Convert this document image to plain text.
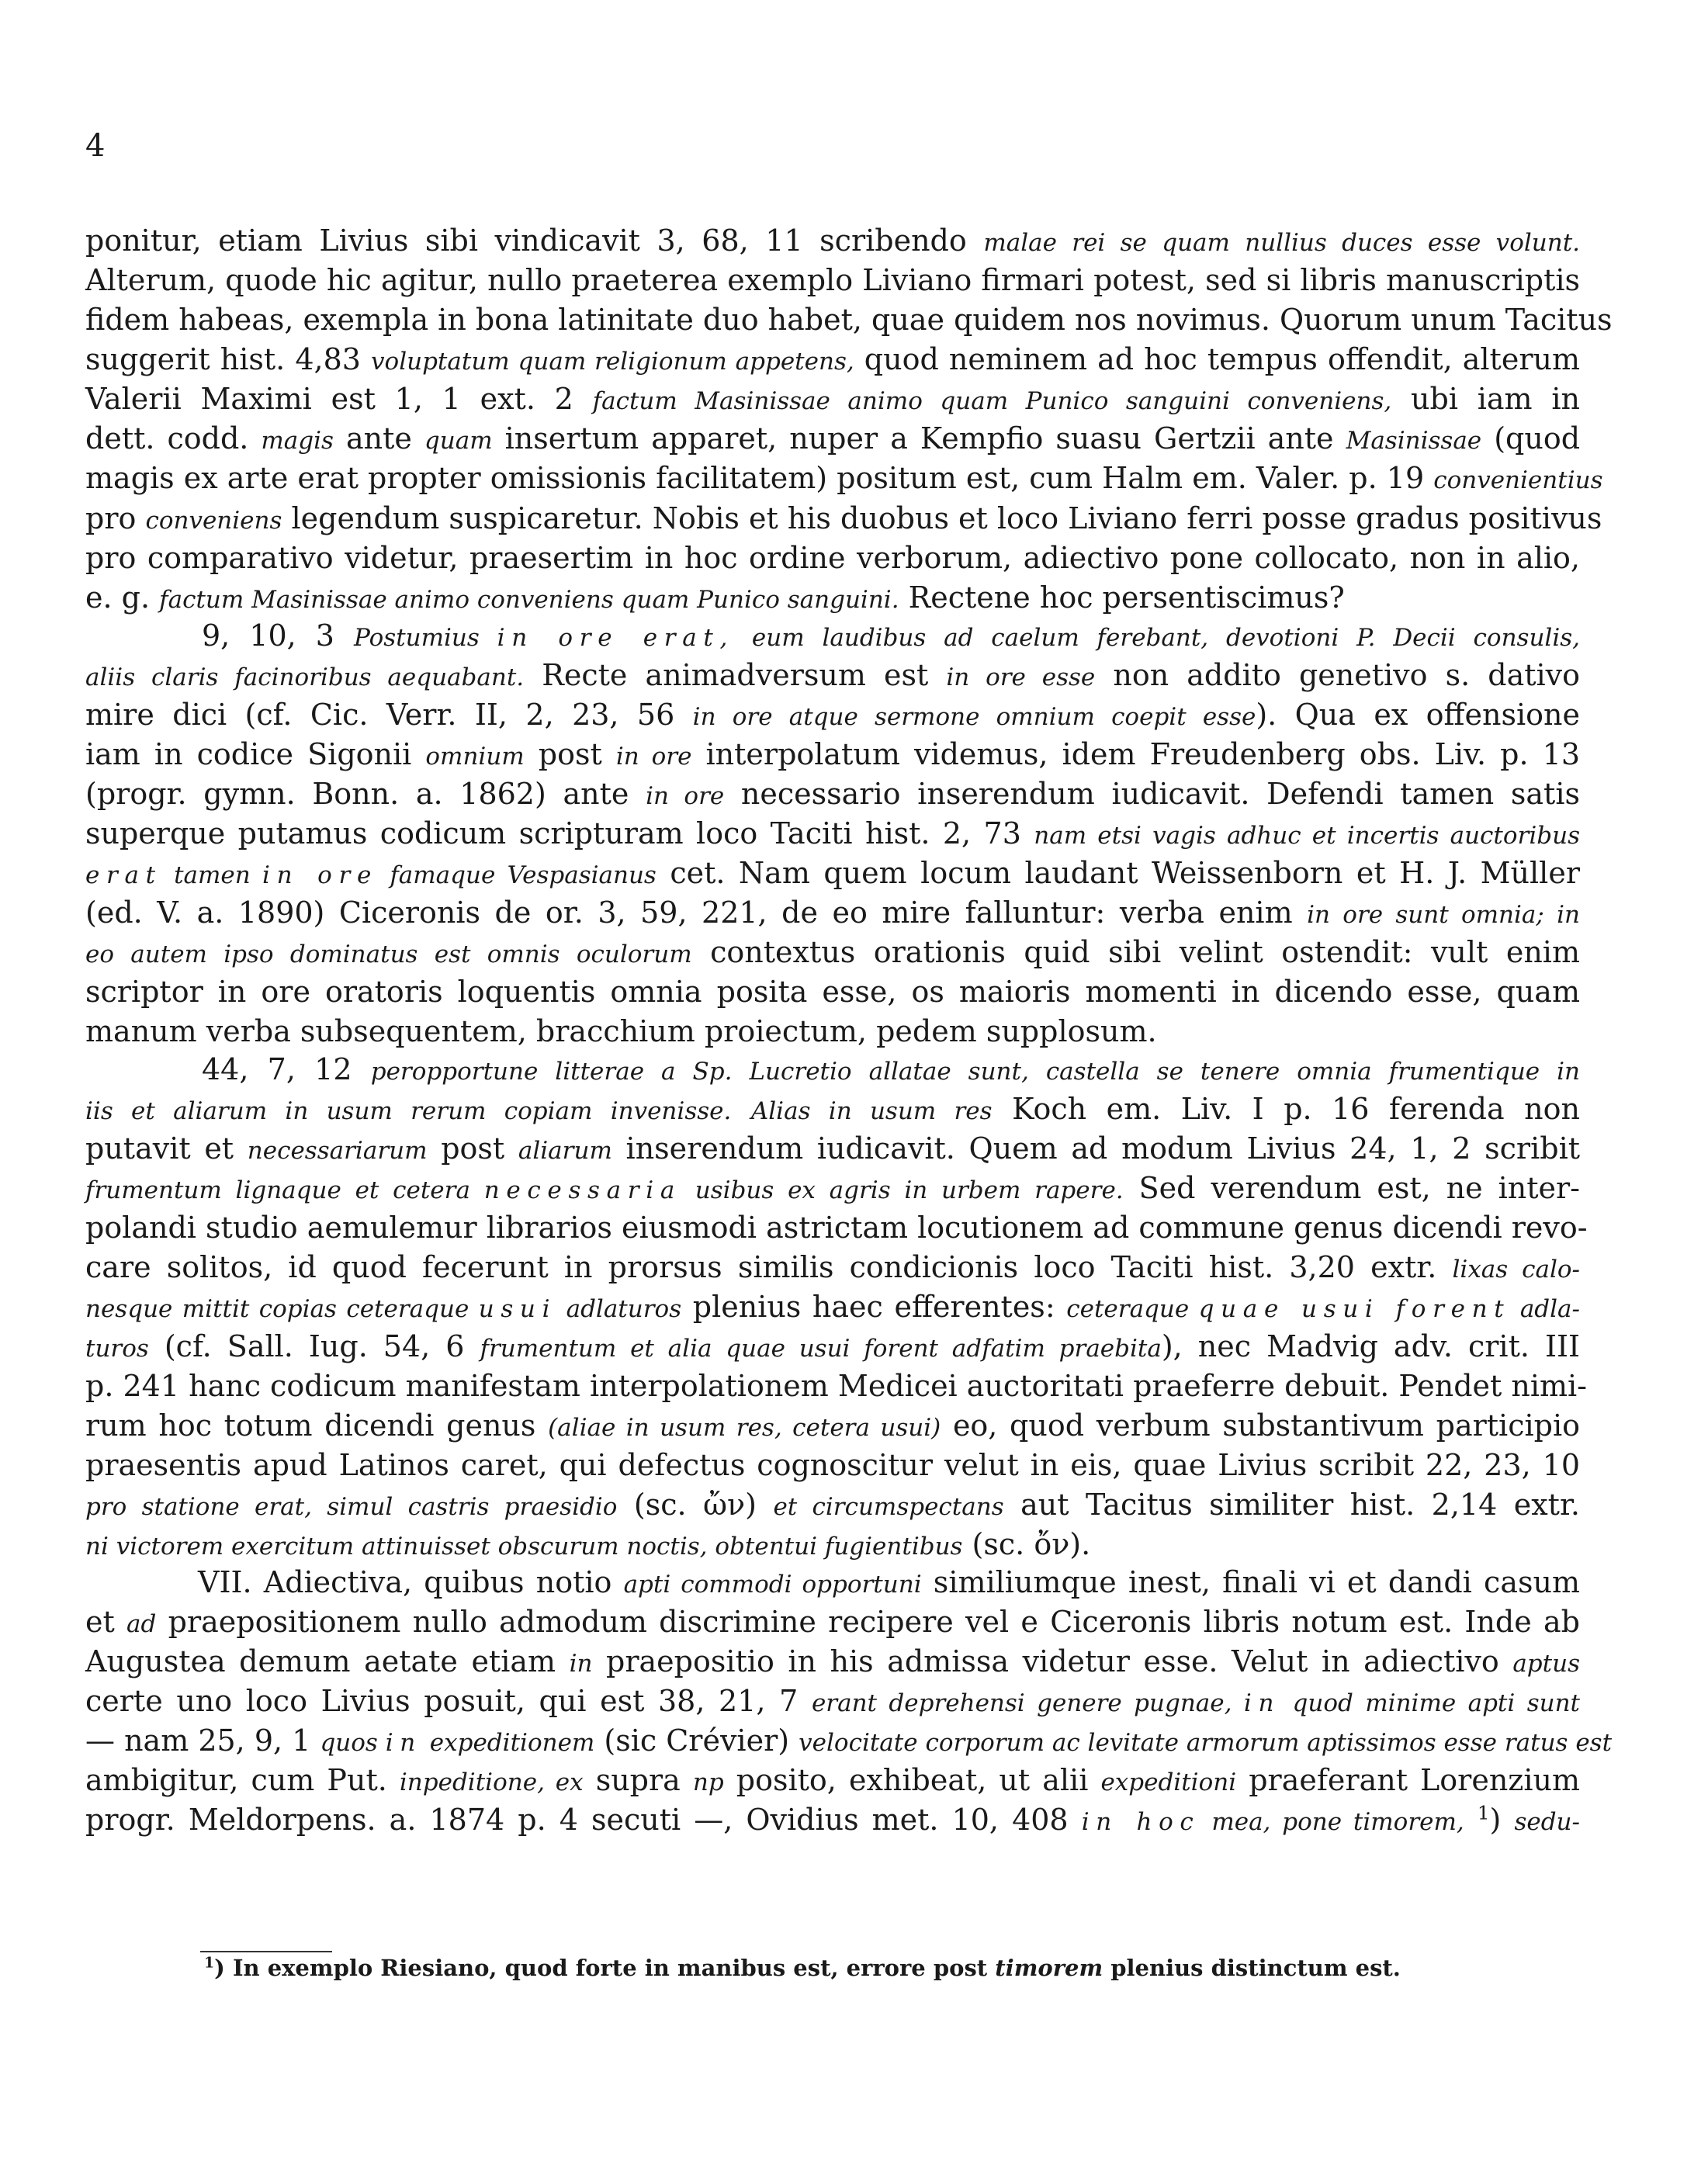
4
ponitur, etiam Livius sibi vindicavit 3, 68, 11 scribendo malae rei se quam nullius duces esse volunt.
Alterum, quode hic agitur, nullo praeterea exemplo Liviano firmari potest, sed si libris manuscriptis
fidem habeas, exempla in bona latinitate duo habet, quae quidem nos novimus. Quorum unum Tacitus
suggerit hist. 4,83 voluptatum quam religionum appetens, quod neminem ad hoc tempus offendit, alterum
Valerii Maximi est 1, 1 ext. 2 factum Masinissae animo quam Punico sanguini conveniens, ubi iam in
dett. codd. magis ante quam insertum apparet, nuper a Kempfio suasu Gertzii ante Masinissae (quod
magis ex arte erat propter omissionis facilitatem) positum est, cum Halm em. Valer. p. 19 convenientius
pro conveniens legendum suspicaretur. Nobis et his duobus et loco Liviano ferri posse gradus positivus
pro comparativo videtur, praesertim in hoc ordine verborum, adiectivo pone collocato, non in alio,
e. g. factum Masinissae animo conveniens quam Punico sanguini. Rectene hoc persentiscimus?
9, 10, 3 Postumius in ore erat, eum laudibus ad caelum ferebant, devotioni P. Decii consulis,
aliis claris facinoribus aequabant. Recte animadversum est in ore esse non addito genetivo s. dativo
mire dici (cf. Cic. Verr. II, 2, 23, 56 in ore atque sermone omnium coepit esse). Qua ex offensione
iam in codice Sigonii omnium post in ore interpolatum videmus, idem Freudenberg obs. Liv. p. 13
(progr. gymn. Bonn. a. 1862) ante in ore necessario inserendum iudicavit. Defendi tamen satis
superque putamus codicum scripturam loco Taciti hist. 2, 73 nam etsi vagis adhuc et incertis auctoribus
erat tamen in ore famaque Vespasianus cet. Nam quem locum laudant Weissenborn et H. J. Müller
(ed. V. a. 1890) Ciceronis de or. 3, 59, 221, de eo mire falluntur: verba enim in ore sunt omnia; in
eo autem ipso dominatus est omnis oculorum contextus orationis quid sibi velint ostendit: vult enim
scriptor in ore oratoris loquentis omnia posita esse, os maioris momenti in dicendo esse, quam
manum verba subsequentem, bracchium proiectum, pedem supplosum.
44, 7, 12 peropportune litterae a Sp. Lucretio allatae sunt, castella se tenere omnia frumentique in
iis et aliarum in usum rerum copiam invenisse. Alias in usum res Koch em. Liv. I p. 16 ferenda non
putavit et necessariarum post aliarum inserendum iudicavit. Quem ad modum Livius 24, 1, 2 scribit
frumentum lignaque et cetera necessaria usibus ex agris in urbem rapere. Sed verendum est, ne inter-
polandi studio aemulemur librarios eiusmodi astrictam locutionem ad commune genus dicendi revo-
care solitos, id quod fecerunt in prorsus similis condicionis loco Taciti hist. 3,20 extr. lixas calo-
nesque mittit copias ceteraque usui adlaturos plenius haec efferentes: ceteraque quae usui forent adla-
turos (cf. Sall. Iug. 54, 6 frumentum et alia quae usui forent adfatim praebita), nec Madvig adv. crit. III
p. 241 hanc codicum manifestam interpolationem Medicei auctoritati praeferre debuit. Pendet nimi-
rum hoc totum dicendi genus (aliae in usum res, cetera usui) eo, quod verbum substantivum participio
praesentis apud Latinos caret, qui defectus cognoscitur velut in eis, quae Livius scribit 22, 23, 10
pro statione erat, simul castris praesidio (sc. ὤν) et circumspectans aut Tacitus similiter hist. 2,14 extr.
ni victorem exercitum attinuisset obscurum noctis, obtentui fugientibus (sc. ὄν).
VII. Adiectiva, quibus notio apti commodi opportuni similiumque inest, finali vi et dandi casum
et ad praepositionem nullo admodum discrimine recipere vel e Ciceronis libris notum est. Inde ab
Augustea demum aetate etiam in praepositio in his admissa videtur esse. Velut in adiectivo aptus
certe uno loco Livius posuit, qui est 38, 21, 7 erant deprehensi genere pugnae, in quod minime apti sunt
— nam 25, 9, 1 quos in expeditionem (sic Crévier) velocitate corporum ac levitate armorum aptissimos esse ratus est
ambigitur, cum Put. inpeditione, ex supra np posito, exhibeat, ut alii expeditioni praeferant Lorenzium
progr. Meldorpens. a. 1874 p. 4 secuti —, Ovidius met. 10, 408 in hoc mea, pone timorem, $^1$) sedu-
$^1$) In exemplo Riesiano, quod forte in manibus est, errore post timorem plenius distinctum est.
